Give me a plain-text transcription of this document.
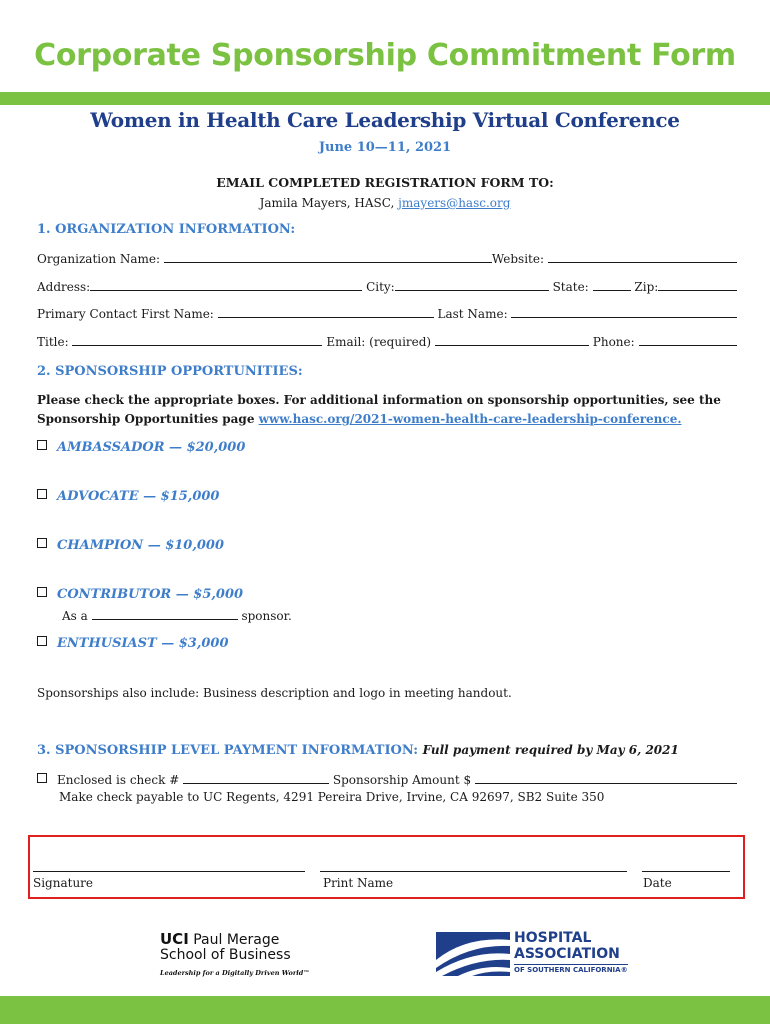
Corporate Sponsorship Commitment Form
Women in Health Care Leadership Virtual Conference
June 10—11, 2021
EMAIL COMPLETED REGISTRATION FORM TO:
Jamila Mayers, HASC, jmayers@hasc.org
1. ORGANIZATION INFORMATION:
Organization Name:	Website:
Address:	City:	State:	Zip:
Primary Contact First Name:	Last Name:
Title:	Email: (required)	Phone:
2. SPONSORSHIP OPPORTUNITIES:
Please check the appropriate boxes. For additional information on sponsorship opportunities, see the
Sponsorship Opportunities page www.hasc.org/2021-women-health-care-leadership-conference.
AMBASSADOR — $20,000
ADVOCATE — $15,000
CHAMPION — $10,000
CONTRIBUTOR — $5,000
As a	sponsor.
ENTHUSIAST — $3,000
Sponsorships also include: Business description and logo in meeting handout.
3. SPONSORSHIP LEVEL PAYMENT INFORMATION: Full payment required by May 6, 2021
Enclosed is check #	Sponsorship Amount $
Make check payable to UC Regents, 4291 Pereira Drive, Irvine, CA 92697, SB2 Suite 350
Signature	Print Name	Date
UCI Paul Merage
School of Business
Leadership for a Digitally Driven World™
HOSPITAL
ASSOCIATION
OF SOUTHERN CALIFORNIA®
